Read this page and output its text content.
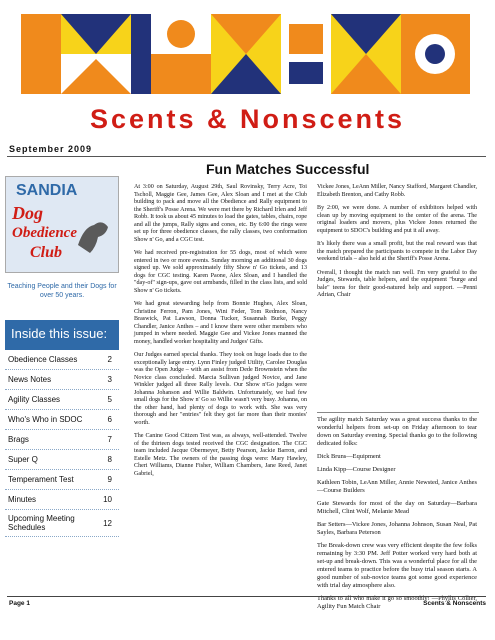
Scents & Nonscents
September 2009
Fun Matches Successful
SANDIA
Dog
Obedience
Club
Teaching People and their Dogs for over 50 years.
Inside this issue:
Obedience Classes	2
News Notes	3
Agility Classes	5
Who's Who in SDOC	6
Brags	7
Super Q	8
Temperament Test	9
Minutes	10
Upcoming Meeting Schedules	12

At 3:00 on Saturday, August 29th, Saul Rovinsky, Terry Acre, Toi Tscholl, Maggie Gee, James Gee, Alex Sloan and I met at the Club building to pack and move all the Obedience and Rally equipment to the Sheriff's Posse Arena. We were met there by Richard Irlen and Jeff Robb. It took us about 45 minutes to load the gates, tables, chairs, rope and all the jumps, Rally signs and cones, etc. By 6:00 the rings were set up for three obedience classes, the rally classes, two conformation Show n' Go, and a CGC test.

We had received pre-registration for 55 dogs, most of which were entered in two or more events. Sunday morning an additional 30 dogs signed up. We sold approximately fifty Show n' Go tickets, and 13 dogs for CGC testing. Karen Paone, Alex Sloan, and I handled the "day-of" sign-ups, gave out armbands, filled in the class lists, and sold Show n' Go tickets.

We had great stewarding help from Bonnie Hughes, Alex Sloan, Christine Ferron, Pam Jones, Wini Feder, Tom Redmon, Nancy Braswick, Pat Lawson, Donna Tucker, Susannah Burke, Peggy Chandler, Janice Anthes – and I know there were other members who jumped in where needed. Maggie Gee and Vickee Jones manned the money, handled worker hospitality and Judges' Gifts.

Our Judges earned special thanks. They took on huge loads due to the exceptionally large entry. Lynn Finley judged Utility, Carolee Douglas was the Open Judge – with an assist from Dede Brownstein when the Novice class concluded. Marcia Sullivan judged Novice, and Jane Winkler judged all three Rally levels. Our Show n'Go judges were Johanna Johanson and Willie Baldwin. Unfortunately, we had few small dogs for the Show n' Go so Willie wasn't very busy. Johanna, on the other hand, had plenty of dogs to work with. She was very thorough and her "entries" felt they got far more than their monies' worth.

The Canine Good Citizen Test was, as always, well-attended. Twelve of the thirteen dogs tested received the CGC designation. The CGC team included Jacque Obermeyer, Betty Pearson, Jackie Barron, and Estelle Metz. The owners of the passing dogs were: Mary Hawley, Cheri Williams, Dianne Fisher, William Chambers, Jane Reed, Janet Gabriel,

Vickee Jones, LeAnn Miller, Nancy Stafford, Margaret Chandler, Elizabeth Brenton, and Cathy Robb.

By 2:00, we were done. A number of exhibitors helped with clean up by moving equipment to the center of the arena. The original loaders and movers, plus Vickee Jones returned the equipment to SDOC's building and put it all away.

It's likely there was a small profit, but the real reward was that the match prepared the participants to compete in the Labor Day weekend trials – also held at the Sheriff's Posse Arena.

Overall, I thought the match ran well. I'm very grateful to the Judges, Stewards, table helpers, and the equipment "burge and bale" teens for their good-natured help and support. —Penni Adrian, Chair

The agility match Saturday was a great success thanks to the wonderful helpers from set-up on Friday afternoon to tear down on Saturday evening. Special thanks go to the following dedicated folks:

Dick Bruns—Equipment

Linda Kipp—Course Designer

Kathleen Tobin, LeAnn Miller, Annie Newsted, Janice Anthes—Course Builders

Gate Stewards for most of the day on Saturday—Barbara Mitchell, Clint Wolf, Melanie Mead

Bar Setters—Vickee Jones, Johanna Johnson, Susan Neal, Pat Sayles, Barbara Peterson

The Break-down crew was very efficient despite the few folks remaining by 3:30 PM. Jeff Potter worked very hard both at set-up and break-down. This was a wonderful place for all the entered teams to practice before the busy trial season starts. A good number of sub-novice teams got some good experience with trial day atmosphere also.

Thanks to all who make it go so smoothly! —Phyllis Collier, Agility Fun Match Chair

Page 1	Scents & Nonscents
